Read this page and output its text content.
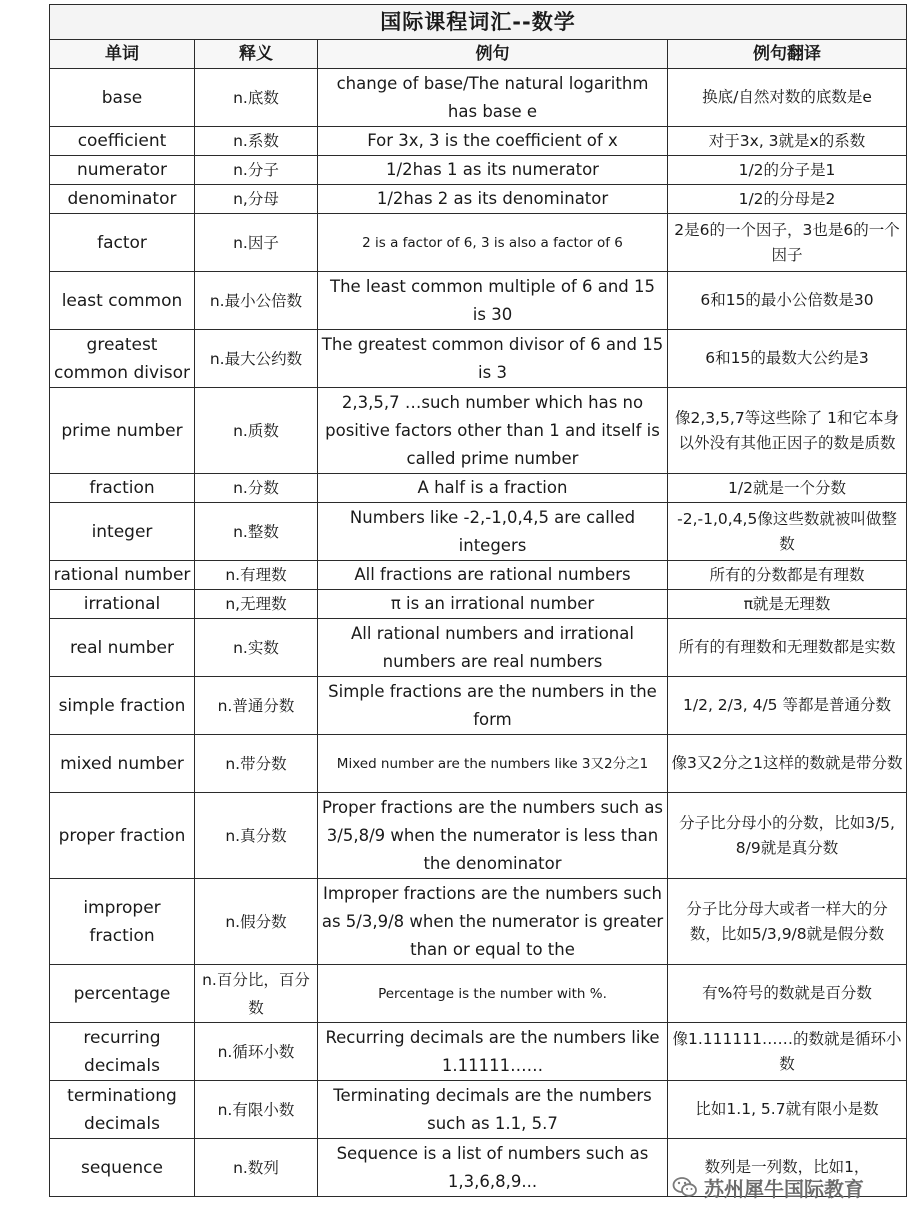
国际课程词汇--数学			
单词	释义	例句	例句翻译
base	n.底数	change of base/The natural logarithm has base e	换底/自然对数的底数是e
coefficient	n.系数	For 3x, 3 is the coefficient of x	对于3x, 3就是x的系数
numerator	n.分子	1/2has 1 as its numerator	1/2的分子是1
denominator	n,分母	1/2has 2 as its denominator	1/2的分母是2
factor	n.因子	2 is a factor of 6, 3 is also a factor of 6	2是6的一个因子，3也是6的一个因子
least common	n.最小公倍数	The least common multiple of 6 and 15 is 30	6和15的最小公倍数是30
greatest common divisor	n.最大公约数	The greatest common divisor of 6 and 15 is 3	6和15的最数大公约是3
prime number	n.质数	2,3,5,7 …such number which has no positive factors other than 1 and itself is called prime number	像2,3,5,7等这些除了 1和它本身以外没有其他正因子的数是质数
fraction	n.分数	A half is a fraction	1/2就是一个分数
integer	n.整数	Numbers like -2,-1,0,4,5 are called integers	-2,-1,0,4,5像这些数就被叫做整数
rational number	n.有理数	All fractions are rational numbers	所有的分数都是有理数
irrational	n,无理数	π is an irrational number	π就是无理数
real number	n.实数	All rational numbers and irrational numbers are real numbers	所有的有理数和无理数都是实数
simple fraction	n.普通分数	Simple fractions are the numbers in the form	1/2, 2/3, 4/5 等都是普通分数
mixed number	n.带分数	Mixed number are the numbers like 3又2分之1	像3又2分之1这样的数就是带分数
proper fraction	n.真分数	Proper fractions are the numbers such as 3/5,8/9 when the numerator is less than the denominator	分子比分母小的分数，比如3/5, 8/9就是真分数
improper fraction	n.假分数	Improper fractions are the numbers such as 5/3,9/8 when the numerator is greater than or equal to the	分子比分母大或者一样大的分数，比如5/3,9/8就是假分数
percentage	n.百分比，百分数	Percentage is the number with %.	有%符号的数就是百分数
recurring decimals	n.循环小数	Recurring decimals are the numbers like 1.11111……	像1.111111……的数就是循环小数
terminationg decimals	n.有限小数	Terminating decimals are the numbers such as 1.1, 5.7	比如1.1, 5.7就有限小是数
sequence	n.数列	Sequence is a list of numbers such as 1,3,6,8,9...	数列是一列数，比如1，
苏州犀牛国际教育
